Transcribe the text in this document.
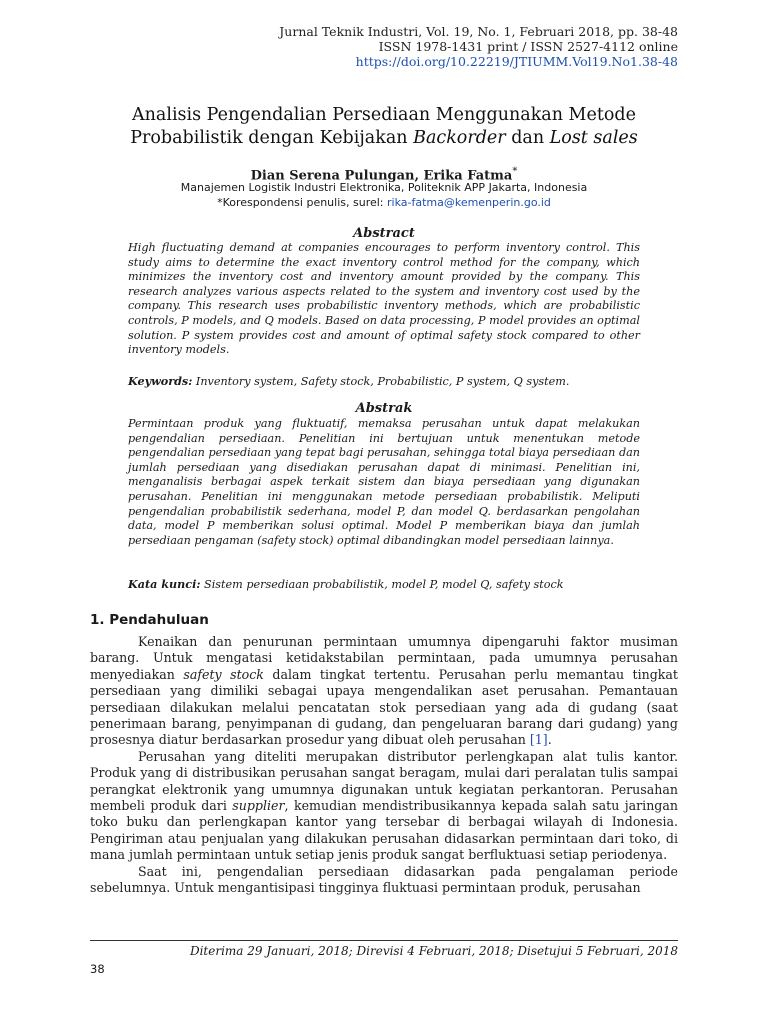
Jurnal Teknik Industri, Vol. 19, No. 1, Februari 2018, pp. 38-48
ISSN 1978-1431 print / ISSN 2527-4112 online
https://doi.org/10.22219/JTIUMM.Vol19.No1.38-48
Analisis Pengendalian Persediaan Menggunakan Metode
Probabilistik dengan Kebijakan Backorder dan Lost sales
Dian Serena Pulungan, Erika Fatma*
Manajemen Logistik Industri Elektronika, Politeknik APP Jakarta, Indonesia
*Korespondensi penulis, surel: rika-fatma@kemenperin.go.id
Abstract
High fluctuating demand at companies encourages to perform inventory control. This study aims to determine the exact inventory control method for the company, which minimizes the inventory cost and inventory amount provided by the company. This research analyzes various aspects related to the system and inventory cost used by the company. This research uses probabilistic inventory methods, which are probabilistic controls, P models, and Q models. Based on data processing, P model provides an optimal solution. P system provides cost and amount of optimal safety stock compared to other inventory models.
Keywords: Inventory system, Safety stock, Probabilistic, P system, Q system.
Abstrak
Permintaan produk yang fluktuatif, memaksa perusahan untuk dapat melakukan pengendalian persediaan. Penelitian ini bertujuan untuk menentukan metode pengendalian persediaan yang tepat bagi perusahan, sehingga total biaya persediaan dan jumlah persediaan yang disediakan perusahan dapat di minimasi. Penelitian ini, menganalisis berbagai aspek terkait sistem dan biaya persediaan yang digunakan perusahan. Penelitian ini menggunakan metode persediaan probabilistik. Meliputi pengendalian probabilistik sederhana, model P, dan model Q. berdasarkan pengolahan data, model P memberikan solusi optimal. Model P memberikan biaya dan jumlah persediaan pengaman (safety stock) optimal dibandingkan model persediaan lainnya.
Kata kunci: Sistem persediaan probabilistik, model P, model Q, safety stock
1. Pendahuluan

Kenaikan dan penurunan permintaan umumnya dipengaruhi faktor musiman barang. Untuk mengatasi ketidakstabilan permintaan, pada umumnya perusahan menyediakan safety stock dalam tingkat tertentu. Perusahan perlu memantau tingkat persediaan yang dimiliki sebagai upaya mengendalikan aset perusahan. Pemantauan persediaan dilakukan melalui pencatatan stok persediaan yang ada di gudang (saat penerimaan barang, penyimpanan di gudang, dan pengeluaran barang dari gudang) yang prosesnya diatur berdasarkan prosedur yang dibuat oleh perusahan [1].

Perusahan yang diteliti merupakan distributor perlengkapan alat tulis kantor. Produk yang di distribusikan perusahan sangat beragam, mulai dari peralatan tulis sampai perangkat elektronik yang umumnya digunakan untuk kegiatan perkantoran. Perusahan membeli produk dari supplier, kemudian mendistribusikannya kepada salah satu jaringan toko buku dan perlengkapan kantor yang tersebar di berbagai wilayah di Indonesia. Pengiriman atau penjualan yang dilakukan perusahan didasarkan permintaan dari toko, di mana jumlah permintaan untuk setiap jenis produk sangat berfluktuasi setiap periodenya.

Saat ini, pengendalian persediaan didasarkan pada pengalaman periode sebelumnya. Untuk mengantisipasi tingginya fluktuasi permintaan produk, perusahan

Diterima 29 Januari, 2018; Direvisi 4 Februari, 2018; Disetujui 5 Februari, 2018
38
